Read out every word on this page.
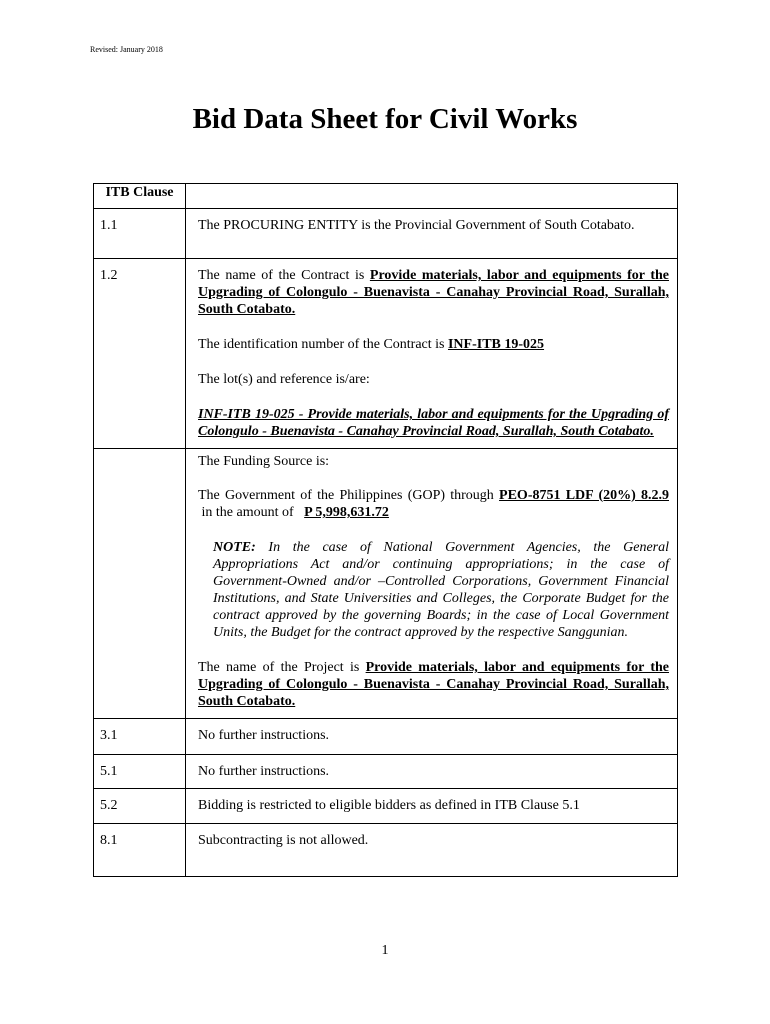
Revised: January 2018
Bid Data Sheet for Civil Works
ITB Clause	
1.1	The PROCURING ENTITY is the Provincial Government of South Cotabato.

1.2	The name of the Contract is Provide materials, labor and equipments for the Upgrading of Colongulo - Buenavista - Canahay Provincial Road, Surallah, South Cotabato.

The identification number of the Contract is INF-ITB 19-025

The lot(s) and reference is/are:

INF-ITB 19-025 - Provide materials, labor and equipments for the Upgrading of Colongulo - Buenavista - Canahay Provincial Road, Surallah, South Cotabato.

	The Funding Source is:

The Government of the Philippines (GOP) through PEO-8751 LDF (20%) 8.2.9 in the amount of   P 5,998,631.72

NOTE: In the case of National Government Agencies, the General Appropriations Act and/or continuing appropriations; in the case of Government-Owned and/or –Controlled Corporations, Government Financial Institutions, and State Universities and Colleges, the Corporate Budget for the contract approved by the governing Boards; in the case of Local Government Units, the Budget for the contract approved by the respective Sanggunian.

The name of the Project is Provide materials, labor and equipments for the Upgrading of Colongulo - Buenavista - Canahay Provincial Road, Surallah, South Cotabato.

3.1	No further instructions.

5.1	No further instructions.

5.2	Bidding is restricted to eligible bidders as defined in ITB Clause 5.1

8.1	Subcontracting is not allowed.

1
